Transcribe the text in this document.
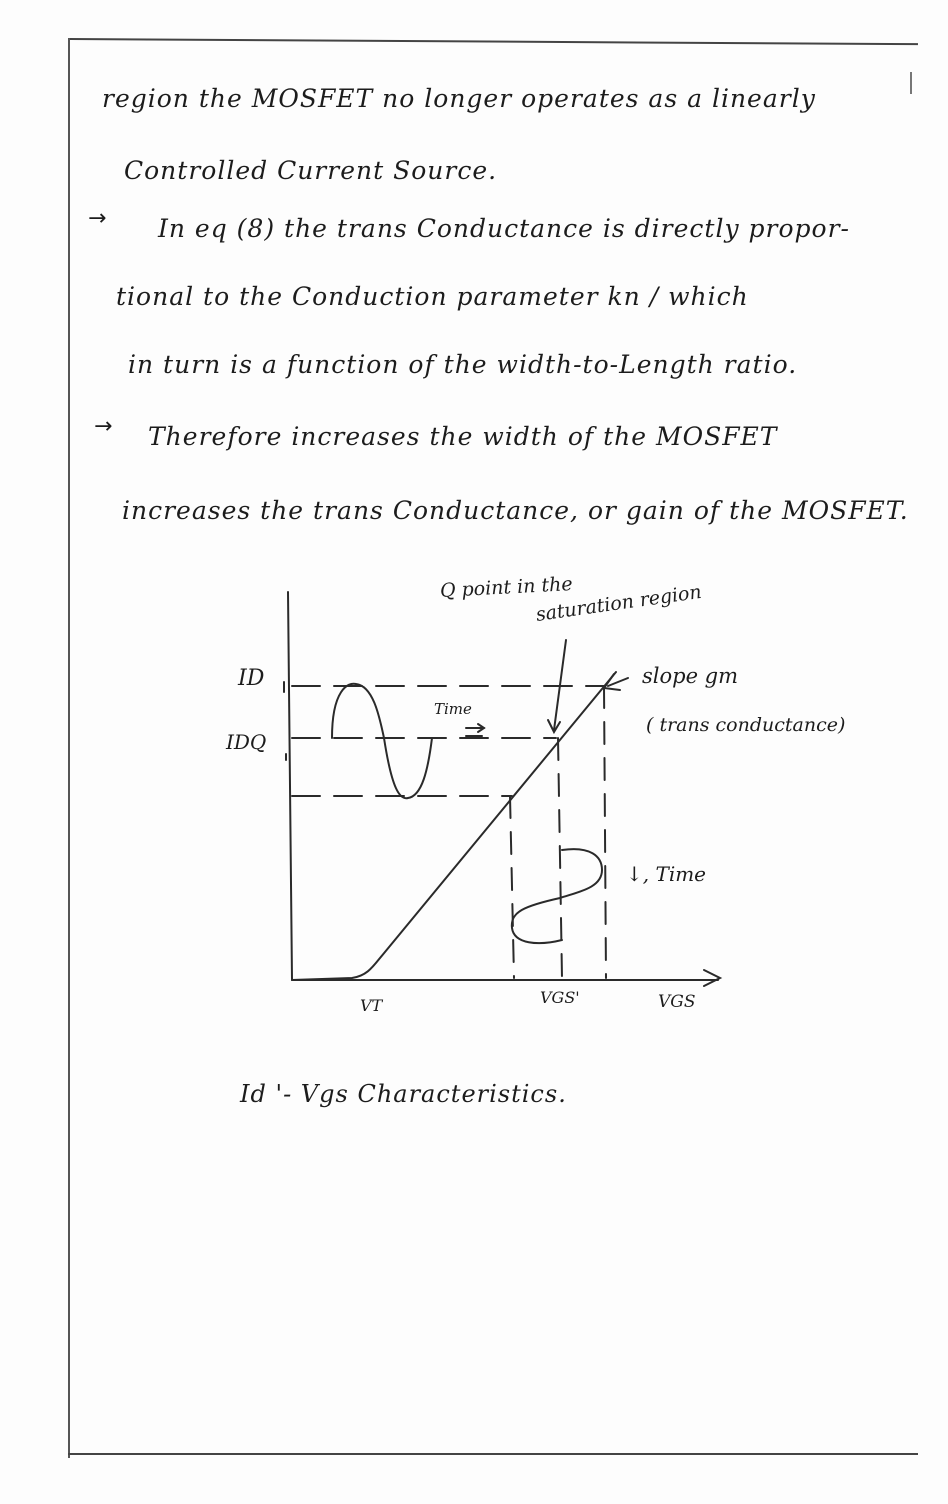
region the MOSFET no longer operates as a linearly
Controlled Current Source.
→ In eq (8) the trans Conductance is directly propor-
tional to the Conduction parameter kn / which
in turn is a function of the width-to-Length ratio.
→ Therefore increases the width of the MOSFET
increases the trans Conductance, or gain of the MOSFET.
ID
IDQ
Q point in the
saturation region
Time
slope gm
( trans conductance)
↓, Time
VT	VGS'	VGS
Id '- Vgs Characteristics.
